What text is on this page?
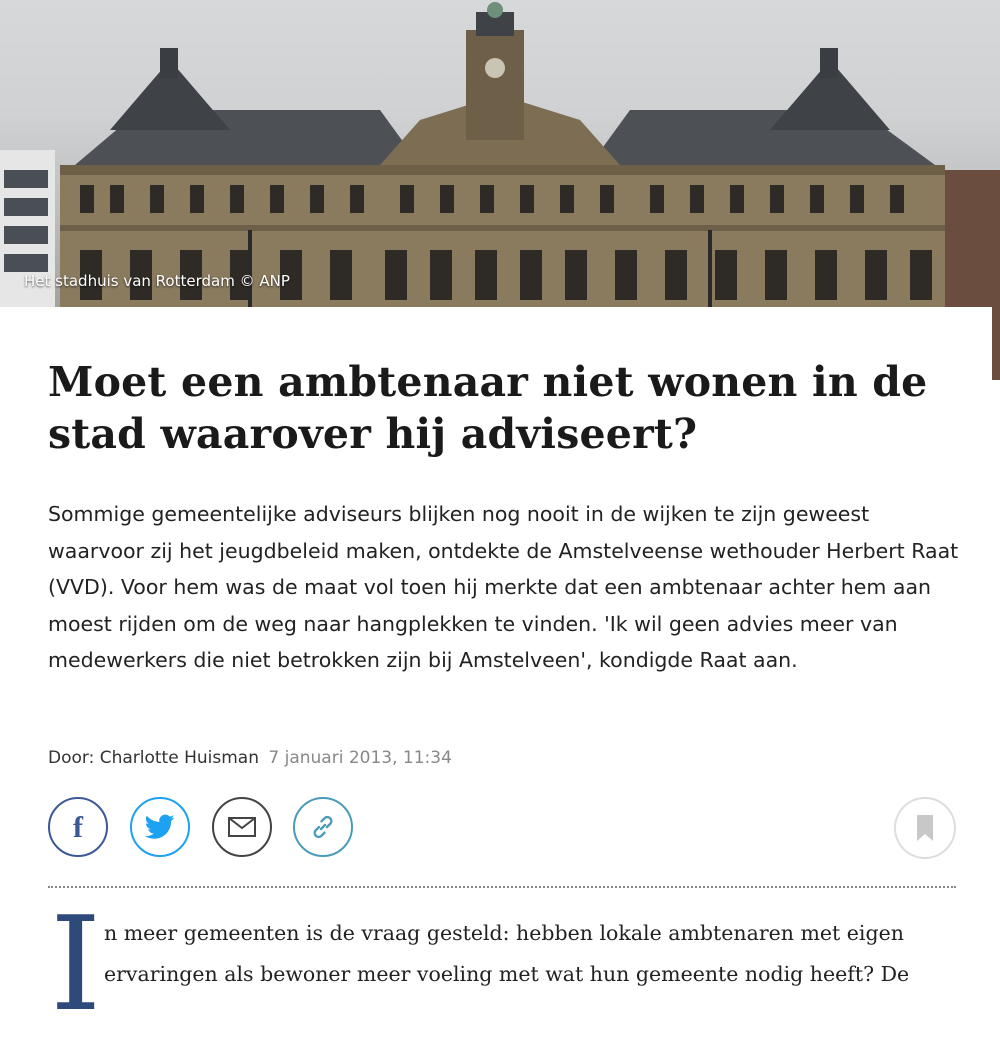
Het stadhuis van Rotterdam © ANP
Moet een ambtenaar niet wonen in de stad waarover hij adviseert?

Sommige gemeentelijke adviseurs blijken nog nooit in de wijken te zijn geweest waarvoor zij het jeugdbeleid maken, ontdekte de Amstelveense wethouder Herbert Raat (VVD). Voor hem was de maat vol toen hij merkte dat een ambtenaar achter hem aan moest rijden om de weg naar hangplekken te vinden. 'Ik wil geen advies meer van medewerkers die niet betrokken zijn bij Amstelveen', kondigde Raat aan.

Door: Charlotte Huisman 7 januari 2013, 11:34
f
I n meer gemeenten is de vraag gesteld: hebben lokale ambtenaren met eigen
ervaringen als bewoner meer voeling met wat hun gemeente nodig heeft? De
